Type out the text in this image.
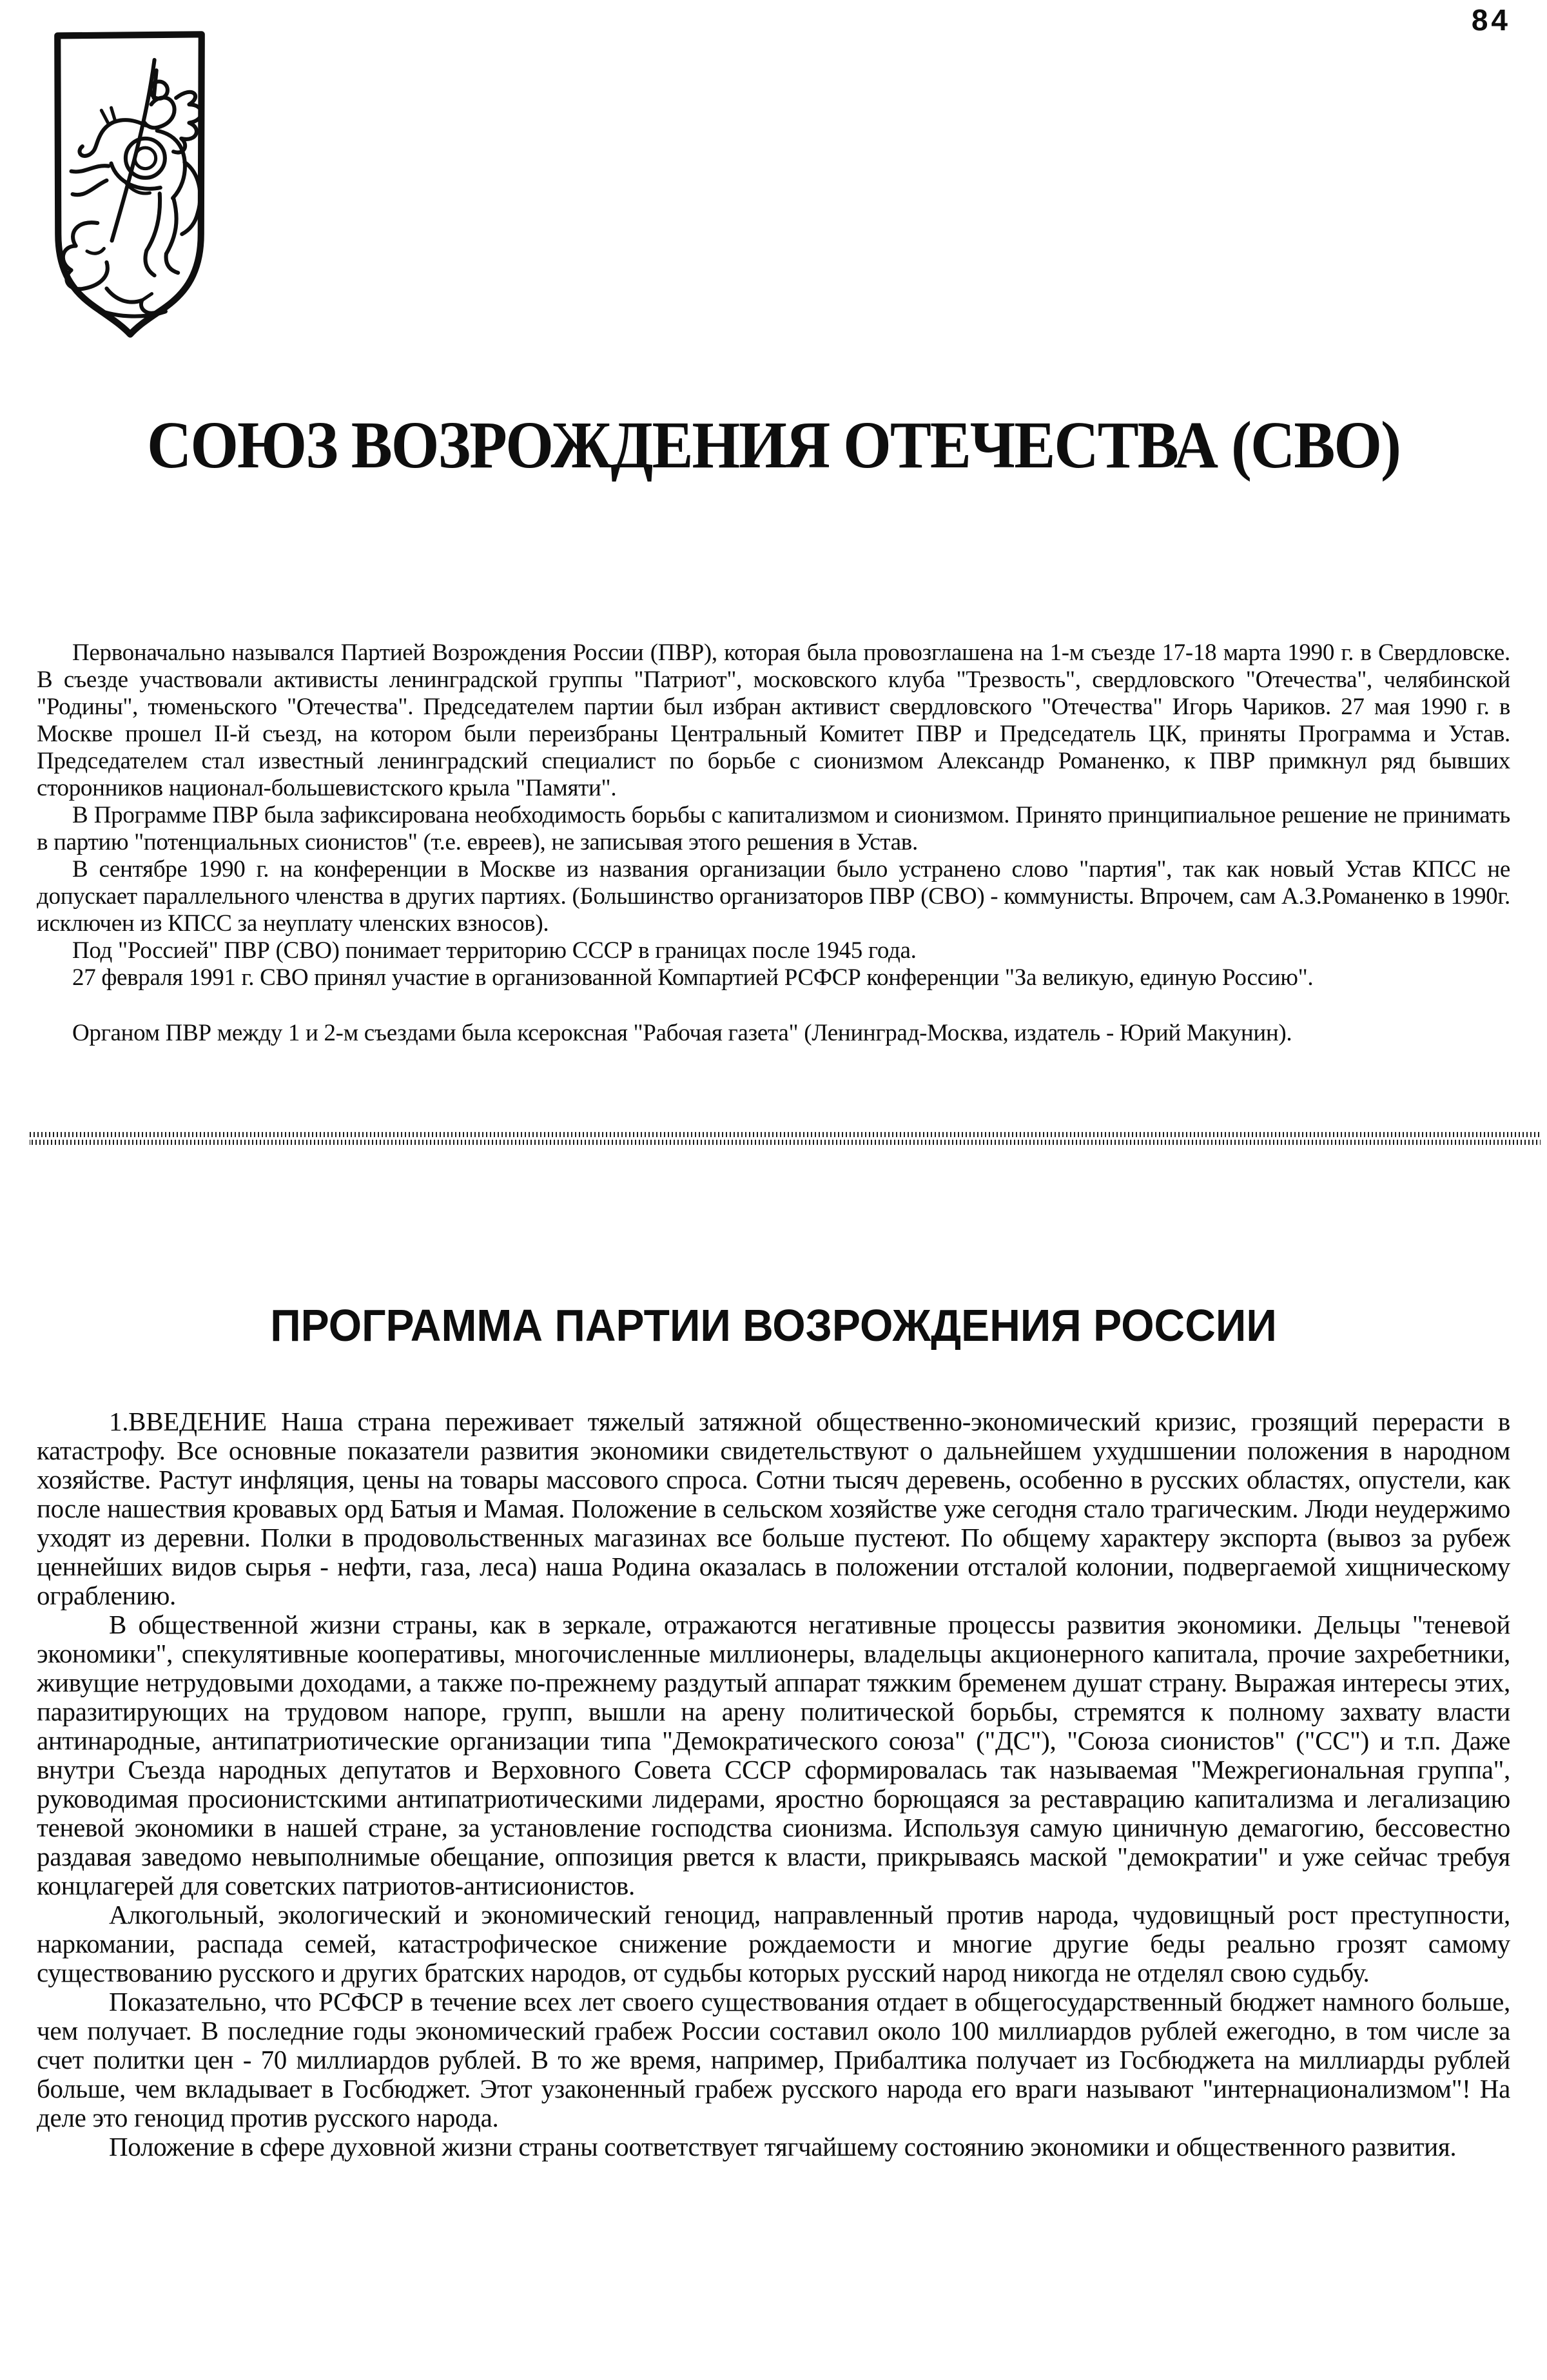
84
СОЮЗ ВОЗРОЖДЕНИЯ ОТЕЧЕСТВА (СВО)

Первоначально назывался Партией Возрождения России (ПВР), которая была провозглашена на 1-м съезде 17-18 марта 1990 г. в Свердловске. В съезде участвовали активисты ленинградской группы "Патриот", московского клуба "Трезвость", свердловского "Отечества", челябинской "Родины", тюменьского "Отечества". Председателем партии был избран активист свердловского "Отечества" Игорь Чариков. 27 мая 1990 г. в Москве прошел II-й съезд, на котором были переизбраны Центральный Комитет ПВР и Председатель ЦК, приняты Программа и Устав. Председателем стал известный ленинградский специалист по борьбе с сионизмом Александр Романенко, к ПВР примкнул ряд бывших сторонников национал-большевистского крыла "Памяти".

В Программе ПВР была зафиксирована необходимость борьбы с капитализмом и сионизмом. Принято принципиальное решение не принимать в партию "потенциальных сионистов" (т.е. евреев), не записывая этого решения в Устав.

В сентябре 1990 г. на конференции в Москве из названия организации было устранено слово "партия", так как новый Устав КПСС не допускает параллельного членства в других партиях. (Большинство организаторов ПВР (СВО) - коммунисты. Впрочем, сам А.З.Романенко в 1990г. исключен из КПСС за неуплату членских взносов).

Под "Россией" ПВР (СВО) понимает территорию СССР в границах после 1945 года.

27 февраля 1991 г. СВО принял участие в организованной Компартией РСФСР конференции "За великую, единую Россию".

Органом ПВР между 1 и 2-м съездами была ксероксная "Рабочая газета" (Ленинград-Москва, издатель - Юрий Макунин).

ПРОГРАММА ПАРТИИ ВОЗРОЖДЕНИЯ РОССИИ

1.ВВЕДЕНИЕ Наша страна переживает тяжелый затяжной общественно-экономический кризис, грозящий перерасти в катастрофу. Все основные показатели развития экономики свидетельствуют о дальнейшем ухудшшении положения в народном хозяйстве. Растут инфляция, цены на товары массового спроса. Сотни тысяч деревень, особенно в русских областях, опустели, как после нашествия кровавых орд Батыя и Мамая. Положение в сельском хозяйстве уже сегодня стало трагическим. Люди неудержимо уходят из деревни. Полки в продовольственных магазинах все больше пустеют. По общему характеру экспорта (вывоз за рубеж ценнейших видов сырья - нефти, газа, леса) наша Родина оказалась в положении отсталой колонии, подвергаемой хищническому ограблению.

В общественной жизни страны, как в зеркале, отражаются негативные процессы развития экономики. Дельцы "теневой экономики", спекулятивные кооперативы, многочисленные миллионеры, владельцы акционерного капитала, прочие захребетники, живущие нетрудовыми доходами, а также по-прежнему раздутый аппарат тяжким бременем душат страну. Выражая интересы этих, паразитирующих на трудовом напоре, групп, вышли на арену политической борьбы, стремятся к полному захвату власти антинародные, антипатриотические организации типа "Демократического союза" ("ДС"), "Союза сионистов" ("СС") и т.п. Даже внутри Съезда народных депутатов и Верховного Совета СССР сформировалась так называемая "Межрегиональная группа", руководимая просионистскими антипатриотическими лидерами, яростно борющаяся за реставрацию капитализма и легализацию теневой экономики в нашей стране, за установление господства сионизма. Используя самую циничную демагогию, бессовестно раздавая заведомо невыполнимые обещание, оппозиция рвется к власти, прикрываясь маской "демократии" и уже сейчас требуя концлагерей для советских патриотов-антисионистов.

Алкогольный, экологический и экономический геноцид, направленный против народа, чудовищный рост преступности, наркомании, распада семей, катастрофическое снижение рождаемости и многие другие беды реально грозят самому существованию русского и других братских народов, от судьбы которых русский народ никогда не отделял свою судьбу.

Показательно, что РСФСР в течение всех лет своего существования отдает в общегосударственный бюджет намного больше, чем получает. В последние годы экономический грабеж России составил около 100 миллиардов рублей ежегодно, в том числе за счет политки цен - 70 миллиардов рублей. В то же время, например, Прибалтика получает из Госбюджета на миллиарды рублей больше, чем вкладывает в Госбюджет. Этот узаконенный грабеж русского народа его враги называют "интернационализмом"! На деле это геноцид против русского народа.

Положение в сфере духовной жизни страны соответствует тягчайшему состоянию экономики и общественного развития.
